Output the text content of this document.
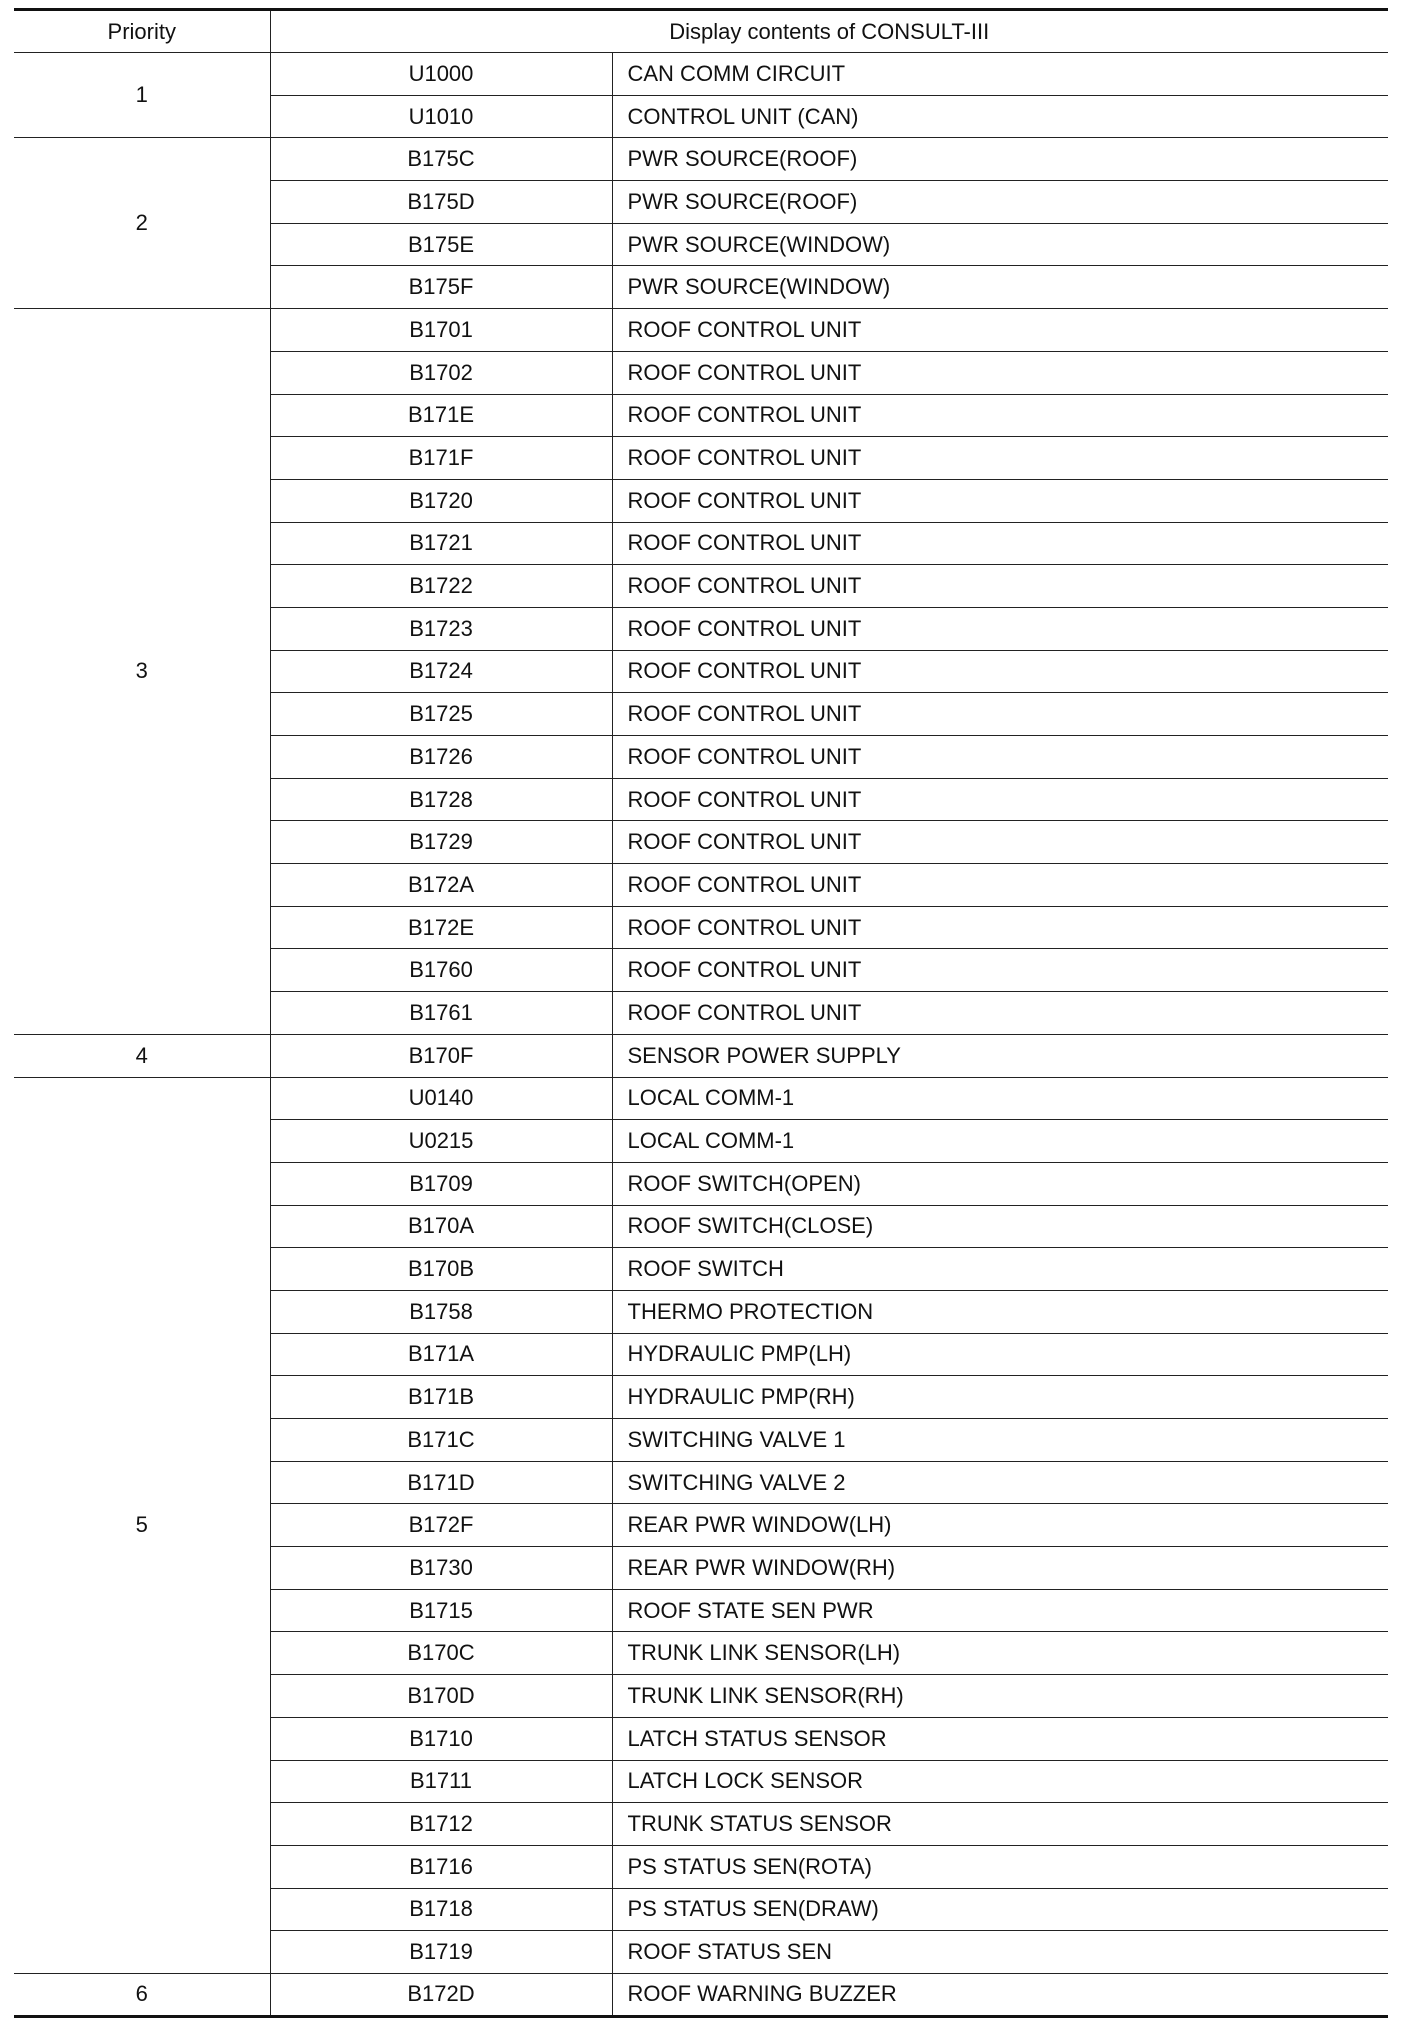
Priority	Display contents of CONSULT-III	
1	U1000	CAN COMM CIRCUIT
	U1010	CONTROL UNIT (CAN)
2	B175C	PWR SOURCE(ROOF)
	B175D	PWR SOURCE(ROOF)
	B175E	PWR SOURCE(WINDOW)
	B175F	PWR SOURCE(WINDOW)
3	B1701	ROOF CONTROL UNIT
	B1702	ROOF CONTROL UNIT
	B171E	ROOF CONTROL UNIT
	B171F	ROOF CONTROL UNIT
	B1720	ROOF CONTROL UNIT
	B1721	ROOF CONTROL UNIT
	B1722	ROOF CONTROL UNIT
	B1723	ROOF CONTROL UNIT
	B1724	ROOF CONTROL UNIT
	B1725	ROOF CONTROL UNIT
	B1726	ROOF CONTROL UNIT
	B1728	ROOF CONTROL UNIT
	B1729	ROOF CONTROL UNIT
	B172A	ROOF CONTROL UNIT
	B172E	ROOF CONTROL UNIT
	B1760	ROOF CONTROL UNIT
	B1761	ROOF CONTROL UNIT
4	B170F	SENSOR POWER SUPPLY
5	U0140	LOCAL COMM-1
	U0215	LOCAL COMM-1
	B1709	ROOF SWITCH(OPEN)
	B170A	ROOF SWITCH(CLOSE)
	B170B	ROOF SWITCH
	B1758	THERMO PROTECTION
	B171A	HYDRAULIC PMP(LH)
	B171B	HYDRAULIC PMP(RH)
	B171C	SWITCHING VALVE 1
	B171D	SWITCHING VALVE 2
	B172F	REAR PWR WINDOW(LH)
	B1730	REAR PWR WINDOW(RH)
	B1715	ROOF STATE SEN PWR
	B170C	TRUNK LINK SENSOR(LH)
	B170D	TRUNK LINK SENSOR(RH)
	B1710	LATCH STATUS SENSOR
	B1711	LATCH LOCK SENSOR
	B1712	TRUNK STATUS SENSOR
	B1716	PS STATUS SEN(ROTA)
	B1718	PS STATUS SEN(DRAW)
	B1719	ROOF STATUS SEN
6	B172D	ROOF WARNING BUZZER
